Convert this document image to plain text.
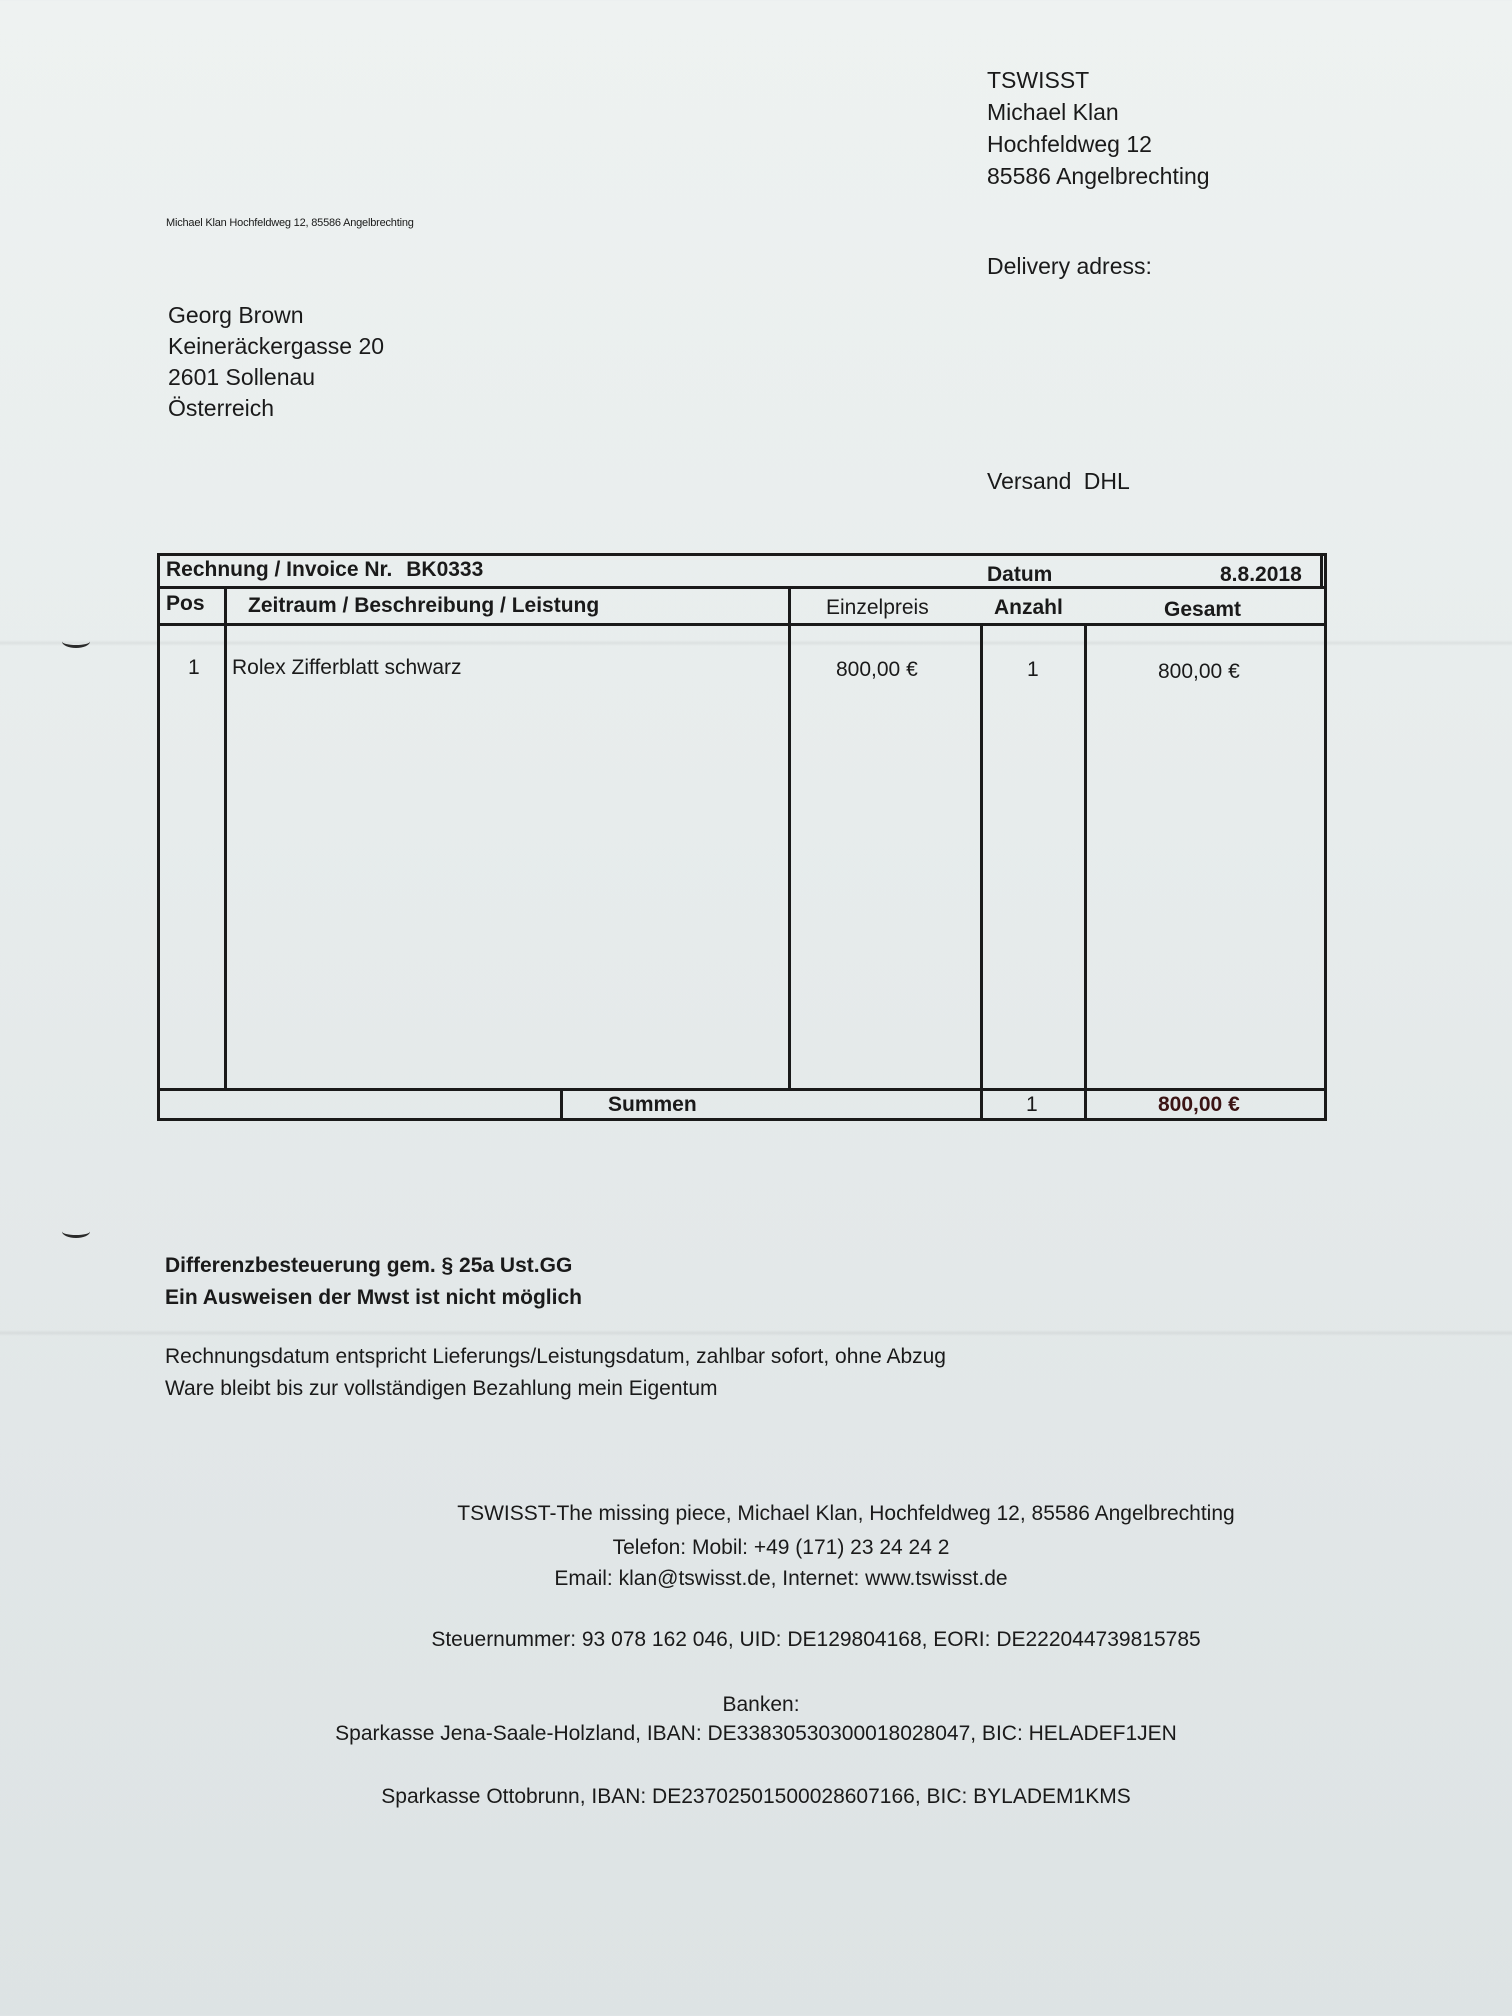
TSWISST
Michael Klan
Hochfeldweg 12
85586 Angelbrechting
Michael Klan Hochfeldweg 12, 85586 Angelbrechting
Delivery adress:
Georg Brown
Keineräckergasse 20
2601 Sollenau
Österreich
Versand DHL
Rechnung / Invoice Nr. BK0333	Datum	8.8.2018
Pos Zeitraum / Beschreibung / Leistung	Einzelpreis	Anzahl	Gesamt
1 Rolex Zifferblatt schwarz	800,00 €	1	800,00 €
Summen	1	800,00 €
Differenzbesteuerung gem. § 25a Ust.GG
Ein Ausweisen der Mwst ist nicht möglich
Rechnungsdatum entspricht Lieferungs/Leistungsdatum, zahlbar sofort, ohne Abzug
Ware bleibt bis zur vollständigen Bezahlung mein Eigentum
TSWISST-The missing piece, Michael Klan, Hochfeldweg 12, 85586 Angelbrechting
Telefon: Mobil: +49 (171) 23 24 24 2
Email: klan@tswisst.de, Internet: www.tswisst.de
Steuernummer: 93 078 162 046, UID: DE129804168, EORI: DE222044739815785
Banken:
Sparkasse Jena-Saale-Holzland, IBAN: DE33830530300018028047, BIC: HELADEF1JEN
Sparkasse Ottobrunn, IBAN: DE23702501500028607166, BIC: BYLADEM1KMS
